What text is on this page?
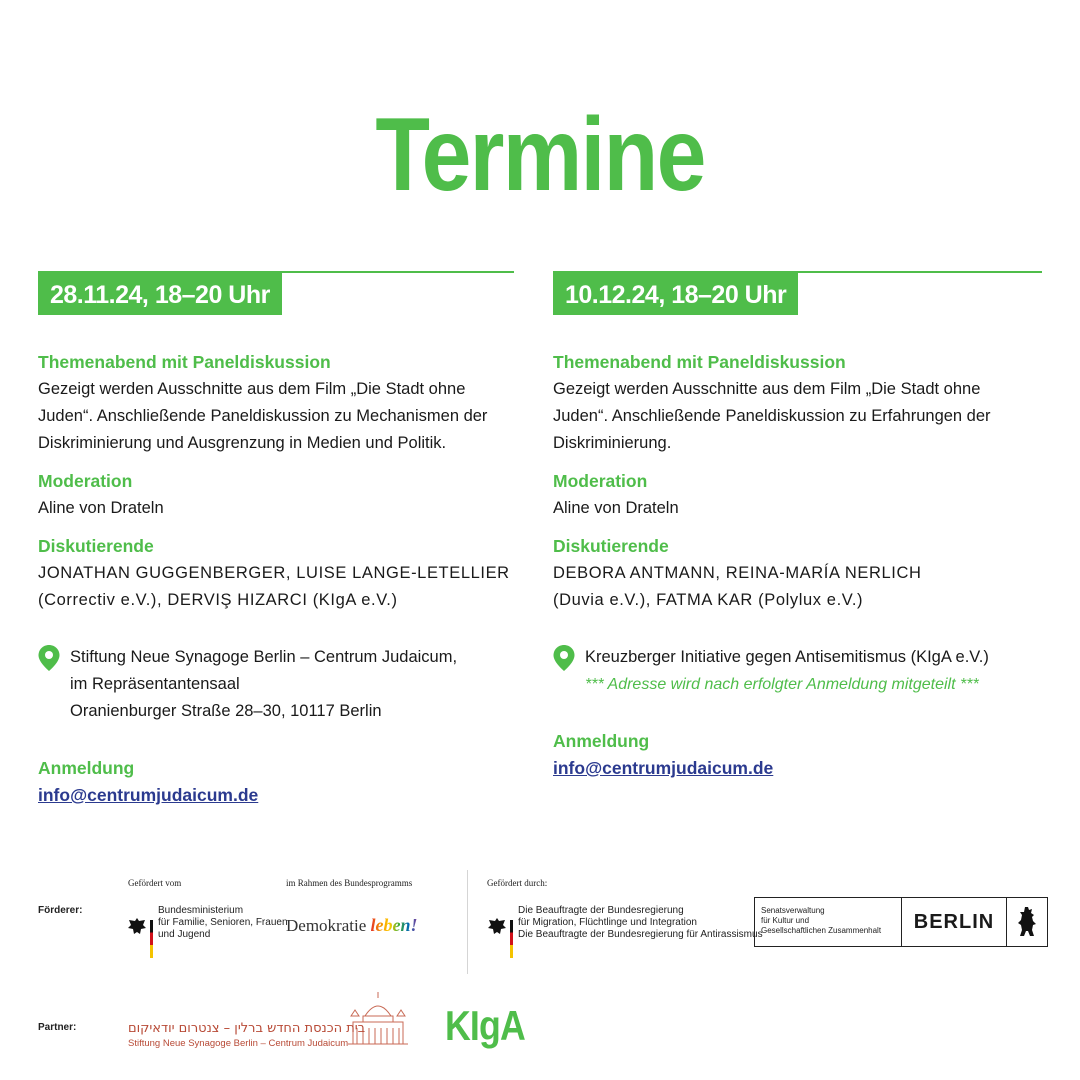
Termine
28.11.24, 18–20 Uhr
Themenabend mit Paneldiskussion
Gezeigt werden Ausschnitte aus dem Film „Die Stadt ohne
Juden“. Anschließende Paneldiskussion zu Mechanismen der
Diskriminierung und Ausgrenzung in Medien und Politik.
Moderation
Aline von Drateln
Diskutierende
JONATHAN GUGGENBERGER, LUISE LANGE-LETELLIER
(Correctiv e.V.), DERVIŞ HIZARCI (KIgA e.V.)
Stiftung Neue Synagoge Berlin – Centrum Judaicum,
im Repräsentantensaal
Oranienburger Straße 28–30, 10117 Berlin
Anmeldung
info@centrumjudaicum.de
10.12.24, 18–20 Uhr
Themenabend mit Paneldiskussion
Gezeigt werden Ausschnitte aus dem Film „Die Stadt ohne
Juden“. Anschließende Paneldiskussion zu Erfahrungen der
Diskriminierung.
Moderation
Aline von Drateln
Diskutierende
DEBORA ANTMANN, REINA-MARÍA NERLICH
(Duvia e.V.), FATMA KAR (Polylux e.V.)
Kreuzberger Initiative gegen Antisemitismus (KIgA e.V.)
*** Adresse wird nach erfolgter Anmeldung mitgeteilt ***
Anmeldung
info@centrumjudaicum.de
Förderer:
Partner:
Gefördert vom
Bundesministerium
für Familie, Senioren, Frauen
und Jugend
im Rahmen des Bundesprogramms
Demokratie leben!
Gefördert durch:
Die Beauftragte der Bundesregierung
für Migration, Flüchtlinge und Integration
Die Beauftragte der Bundesregierung für Antirassismus
Senatsverwaltung
für Kultur und
Gesellschaftlichen Zusammenhalt	BERLIN
בית הכנסת החדש ברלין – צנטרום יודאיקום
Stiftung Neue Synagoge Berlin – Centrum Judaicum KIgA
